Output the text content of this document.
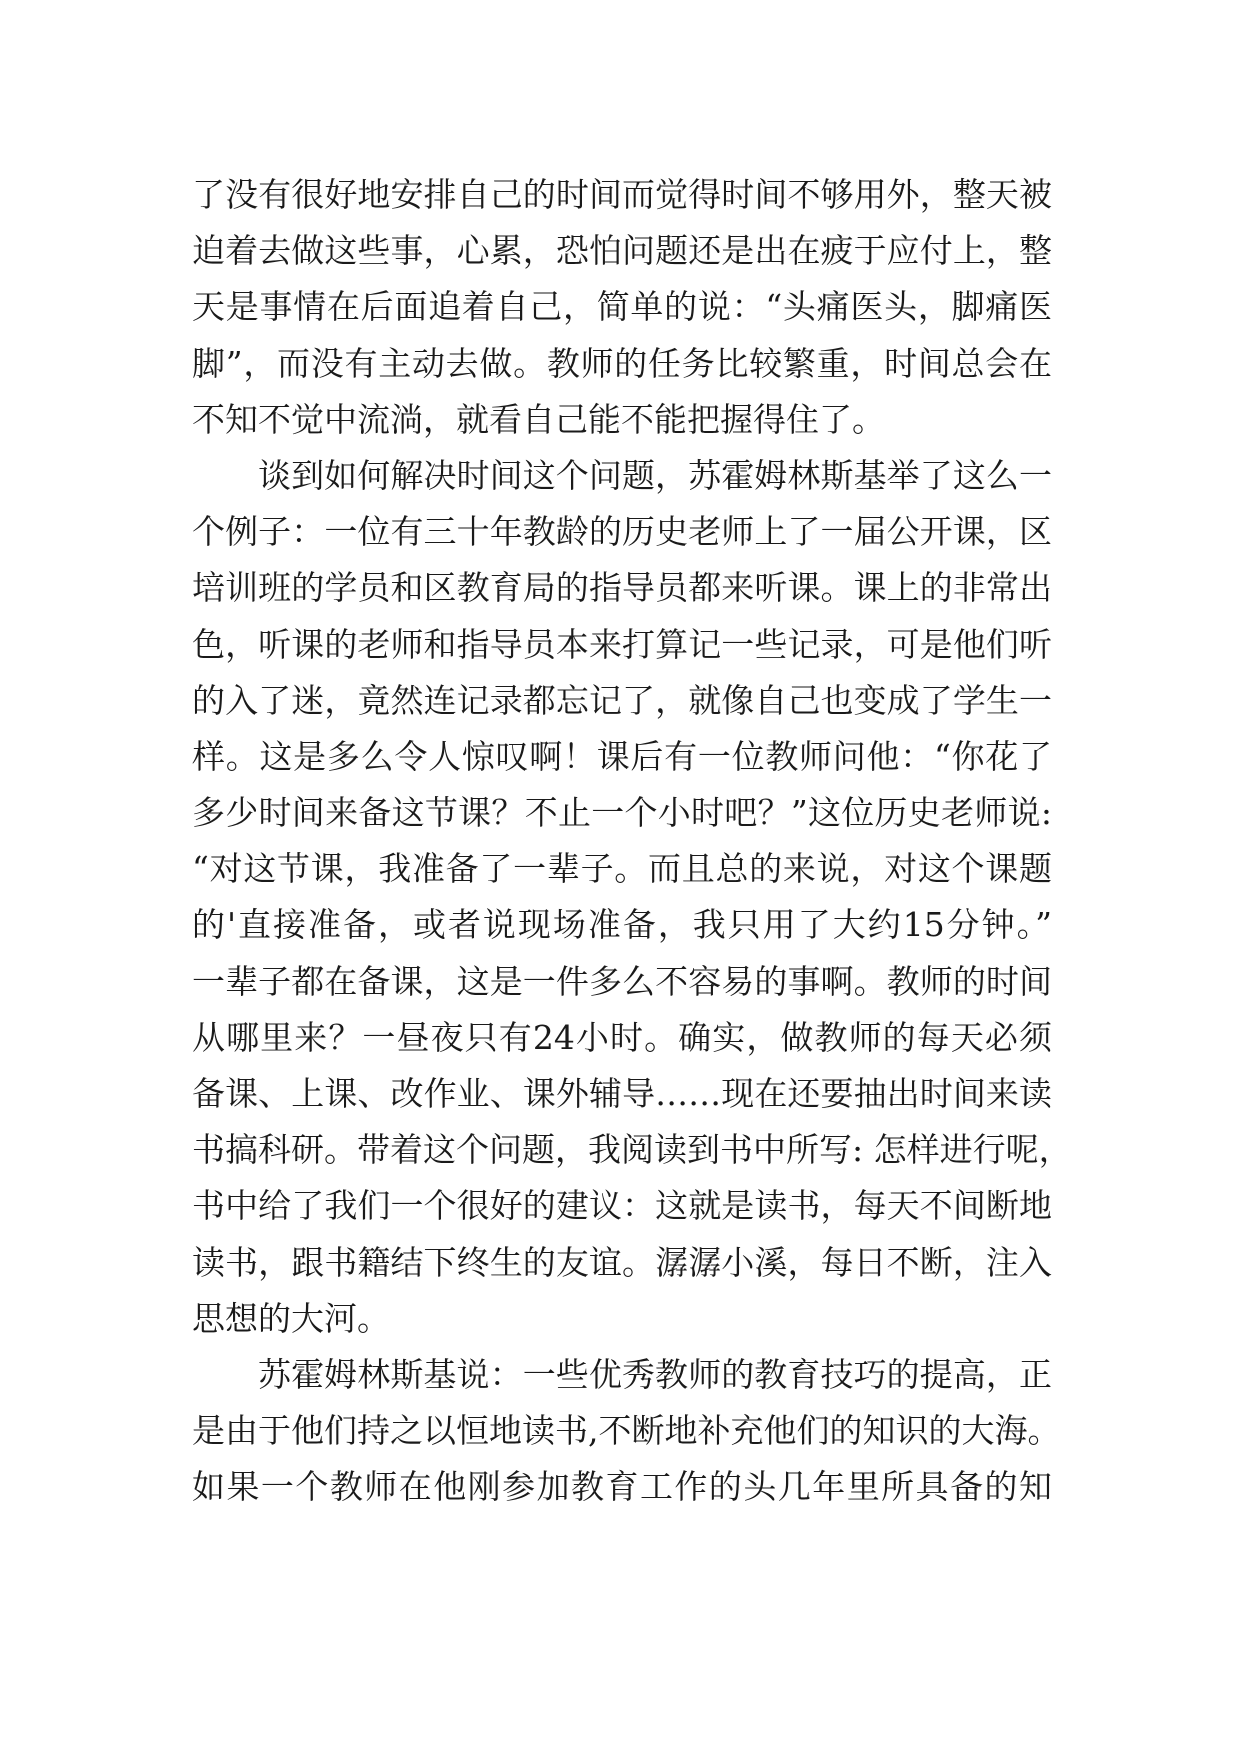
了没有很好地安排自己的时间而觉得时间不够用外，整天被
迫着去做这些事，心累，恐怕问题还是出在疲于应付上，整
天是事情在后面追着自己，简单的说：“头痛医头，脚痛医
脚”，而没有主动去做。教师的任务比较繁重，时间总会在
不知不觉中流淌，就看自己能不能把握得住了。
谈到如何解决时间这个问题，苏霍姆林斯基举了这么一
个例子：一位有三十年教龄的历史老师上了一届公开课，区
培训班的学员和区教育局的指导员都来听课。课上的非常出
色，听课的老师和指导员本来打算记一些记录，可是他们听
的入了迷，竟然连记录都忘记了，就像自己也变成了学生一
样。这是多么令人惊叹啊！课后有一位教师问他：“你花了
多少时间来备这节课？不止一个小时吧？”这位历史老师说:
“对这节课，我准备了一辈子。而且总的来说，对这个课题
的'直接准备，或者说现场准备，我只用了大约15分钟。”
一辈子都在备课，这是一件多么不容易的事啊。教师的时间
从哪里来？一昼夜只有24小时。确实，做教师的每天必须
备课、上课、改作业、课外辅导……现在还要抽出时间来读
书搞科研。带着这个问题，我阅读到书中所写: 怎样进行呢，
书中给了我们一个很好的建议：这就是读书，每天不间断地
读书，跟书籍结下终生的友谊。潺潺小溪，每日不断，注入
思想的大河。
苏霍姆林斯基说：一些优秀教师的教育技巧的提高，正
是由于他们持之以恒地读书,不断地补充他们的知识的大海。
如果一个教师在他刚参加教育工作的头几年里所具备的知
